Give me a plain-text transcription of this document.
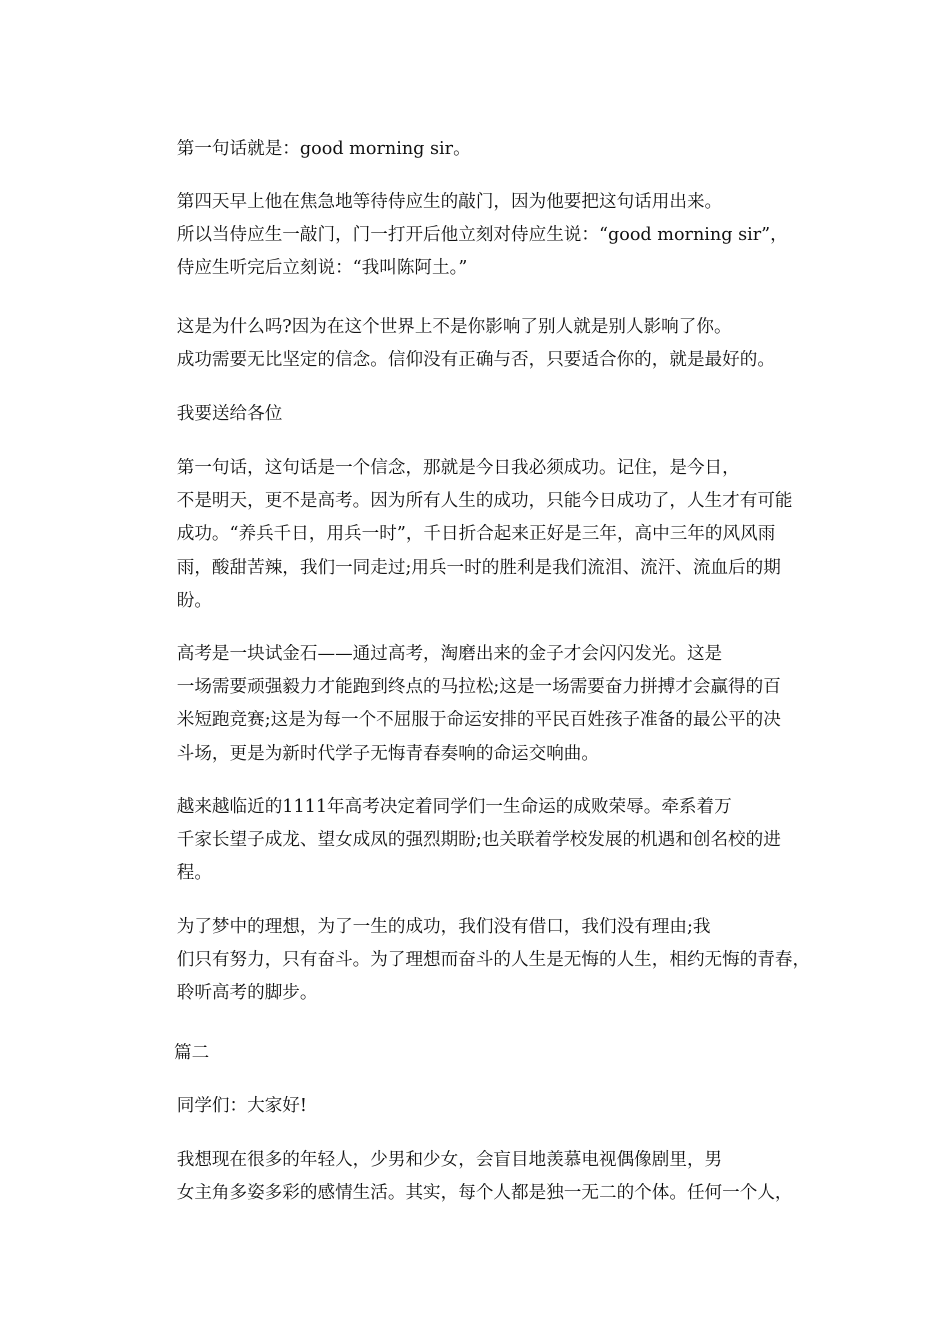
第一句话就是：good morning sir。

第四天早上他在焦急地等待侍应生的敲门，因为他要把这句话用出来。
所以当侍应生一敲门，门一打开后他立刻对侍应生说：“good morning sir”，
侍应生听完后立刻说：“我叫陈阿土。”

这是为什么吗?因为在这个世界上不是你影响了别人就是别人影响了你。
成功需要无比坚定的信念。信仰没有正确与否，只要适合你的，就是最好的。

我要送给各位

第一句话，这句话是一个信念，那就是今日我必须成功。记住，是今日，
不是明天，更不是高考。因为所有人生的成功，只能今日成功了，人生才有可能
成功。“养兵千日，用兵一时”，千日折合起来正好是三年，高中三年的风风雨
雨，酸甜苦辣，我们一同走过;用兵一时的胜利是我们流泪、流汗、流血后的期
盼。

高考是一块试金石——通过高考，淘磨出来的金子才会闪闪发光。这是
一场需要顽强毅力才能跑到终点的马拉松;这是一场需要奋力拼搏才会赢得的百
米短跑竞赛;这是为每一个不屈服于命运安排的平民百姓孩子准备的最公平的决
斗场，更是为新时代学子无悔青春奏响的命运交响曲。

越来越临近的1111年高考决定着同学们一生命运的成败荣辱。牵系着万
千家长望子成龙、望女成凤的强烈期盼;也关联着学校发展的机遇和创名校的进
程。

为了梦中的理想，为了一生的成功，我们没有借口，我们没有理由;我
们只有努力，只有奋斗。为了理想而奋斗的人生是无悔的人生，相约无悔的青春，
聆听高考的脚步。

篇二

同学们：大家好!

我想现在很多的年轻人，少男和少女，会盲目地羡慕电视偶像剧里，男
女主角多姿多彩的感情生活。其实，每个人都是独一无二的个体。任何一个人，
